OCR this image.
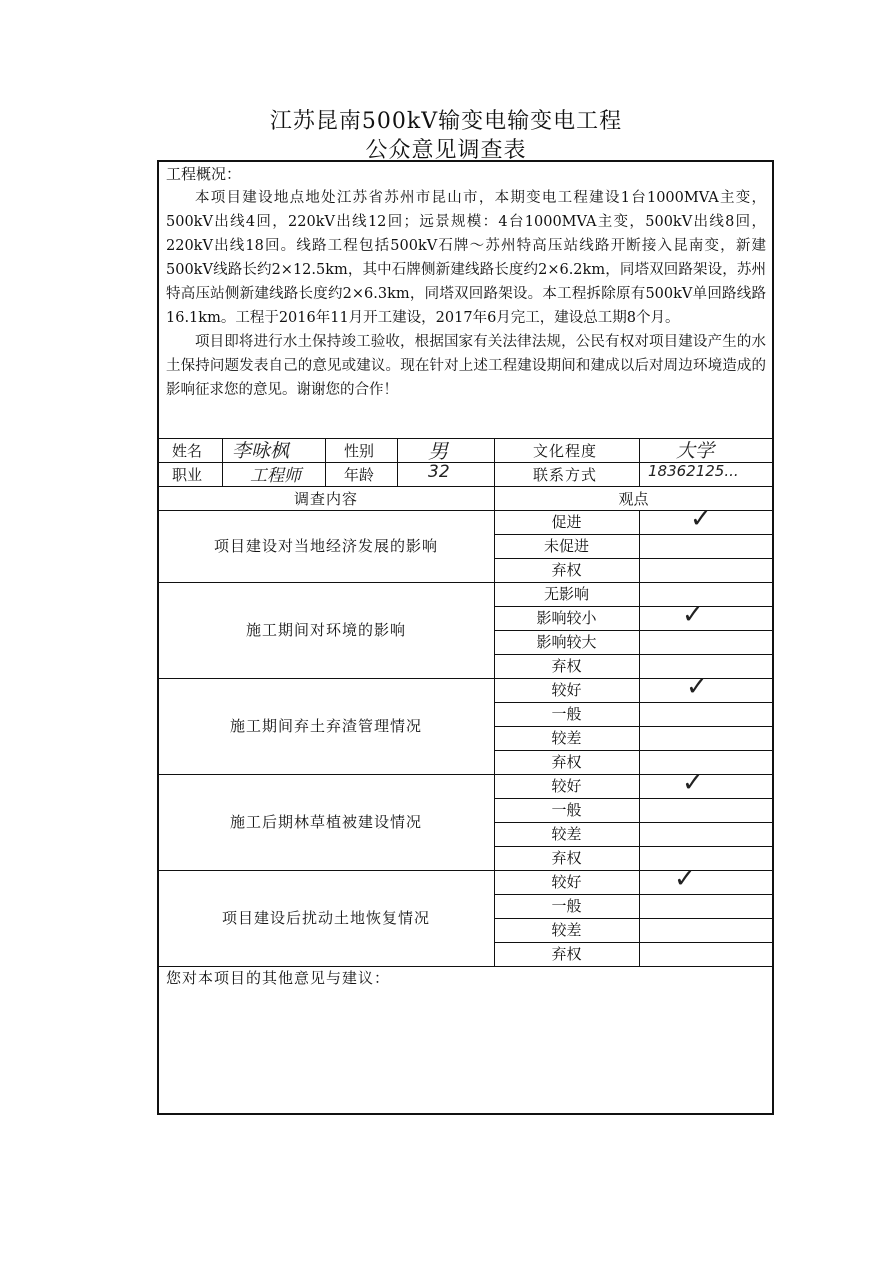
江苏昆南500kV输变电输变电工程
公众意见调查表
工程概况：

本项目建设地点地处江苏省苏州市昆山市，本期变电工程建设1台1000MVA主变，500kV出线4回，220kV出线12回；远景规模：4台1000MVA主变，500kV出线8回，220kV出线18回。线路工程包括500kV石牌～苏州特高压站线路开断接入昆南变，新建500kV线路长约2×12.5km，其中石牌侧新建线路长度约2×6.2km，同塔双回路架设，苏州特高压站侧新建线路长度约2×6.3km，同塔双回路架设。本工程拆除原有500kV单回路线路16.1km。工程于2016年11月开工建设，2017年6月完工，建设总工期8个月。

项目即将进行水土保持竣工验收，根据国家有关法律法规，公民有权对项目建设产生的水土保持问题发表自己的意见或建议。现在针对上述工程建设期间和建成以后对周边环境造成的影响征求您的意见。谢谢您的合作！

姓名 李咏枫	性别	男	文化程度	大学
职业	工程师	年龄	32	联系方式	18362125...
调查内容	观点
项目建设对当地经济发展的影响
促进	✓
未促进
弃权
施工期间对环境的影响
无影响
影响较小	✓
影响较大
弃权
施工期间弃土弃渣管理情况
较好	✓
一般
较差
弃权
施工后期林草植被建设情况
较好	✓
一般
较差
弃权
项目建设后扰动土地恢复情况
较好	✓
一般
较差
弃权
您对本项目的其他意见与建议：
